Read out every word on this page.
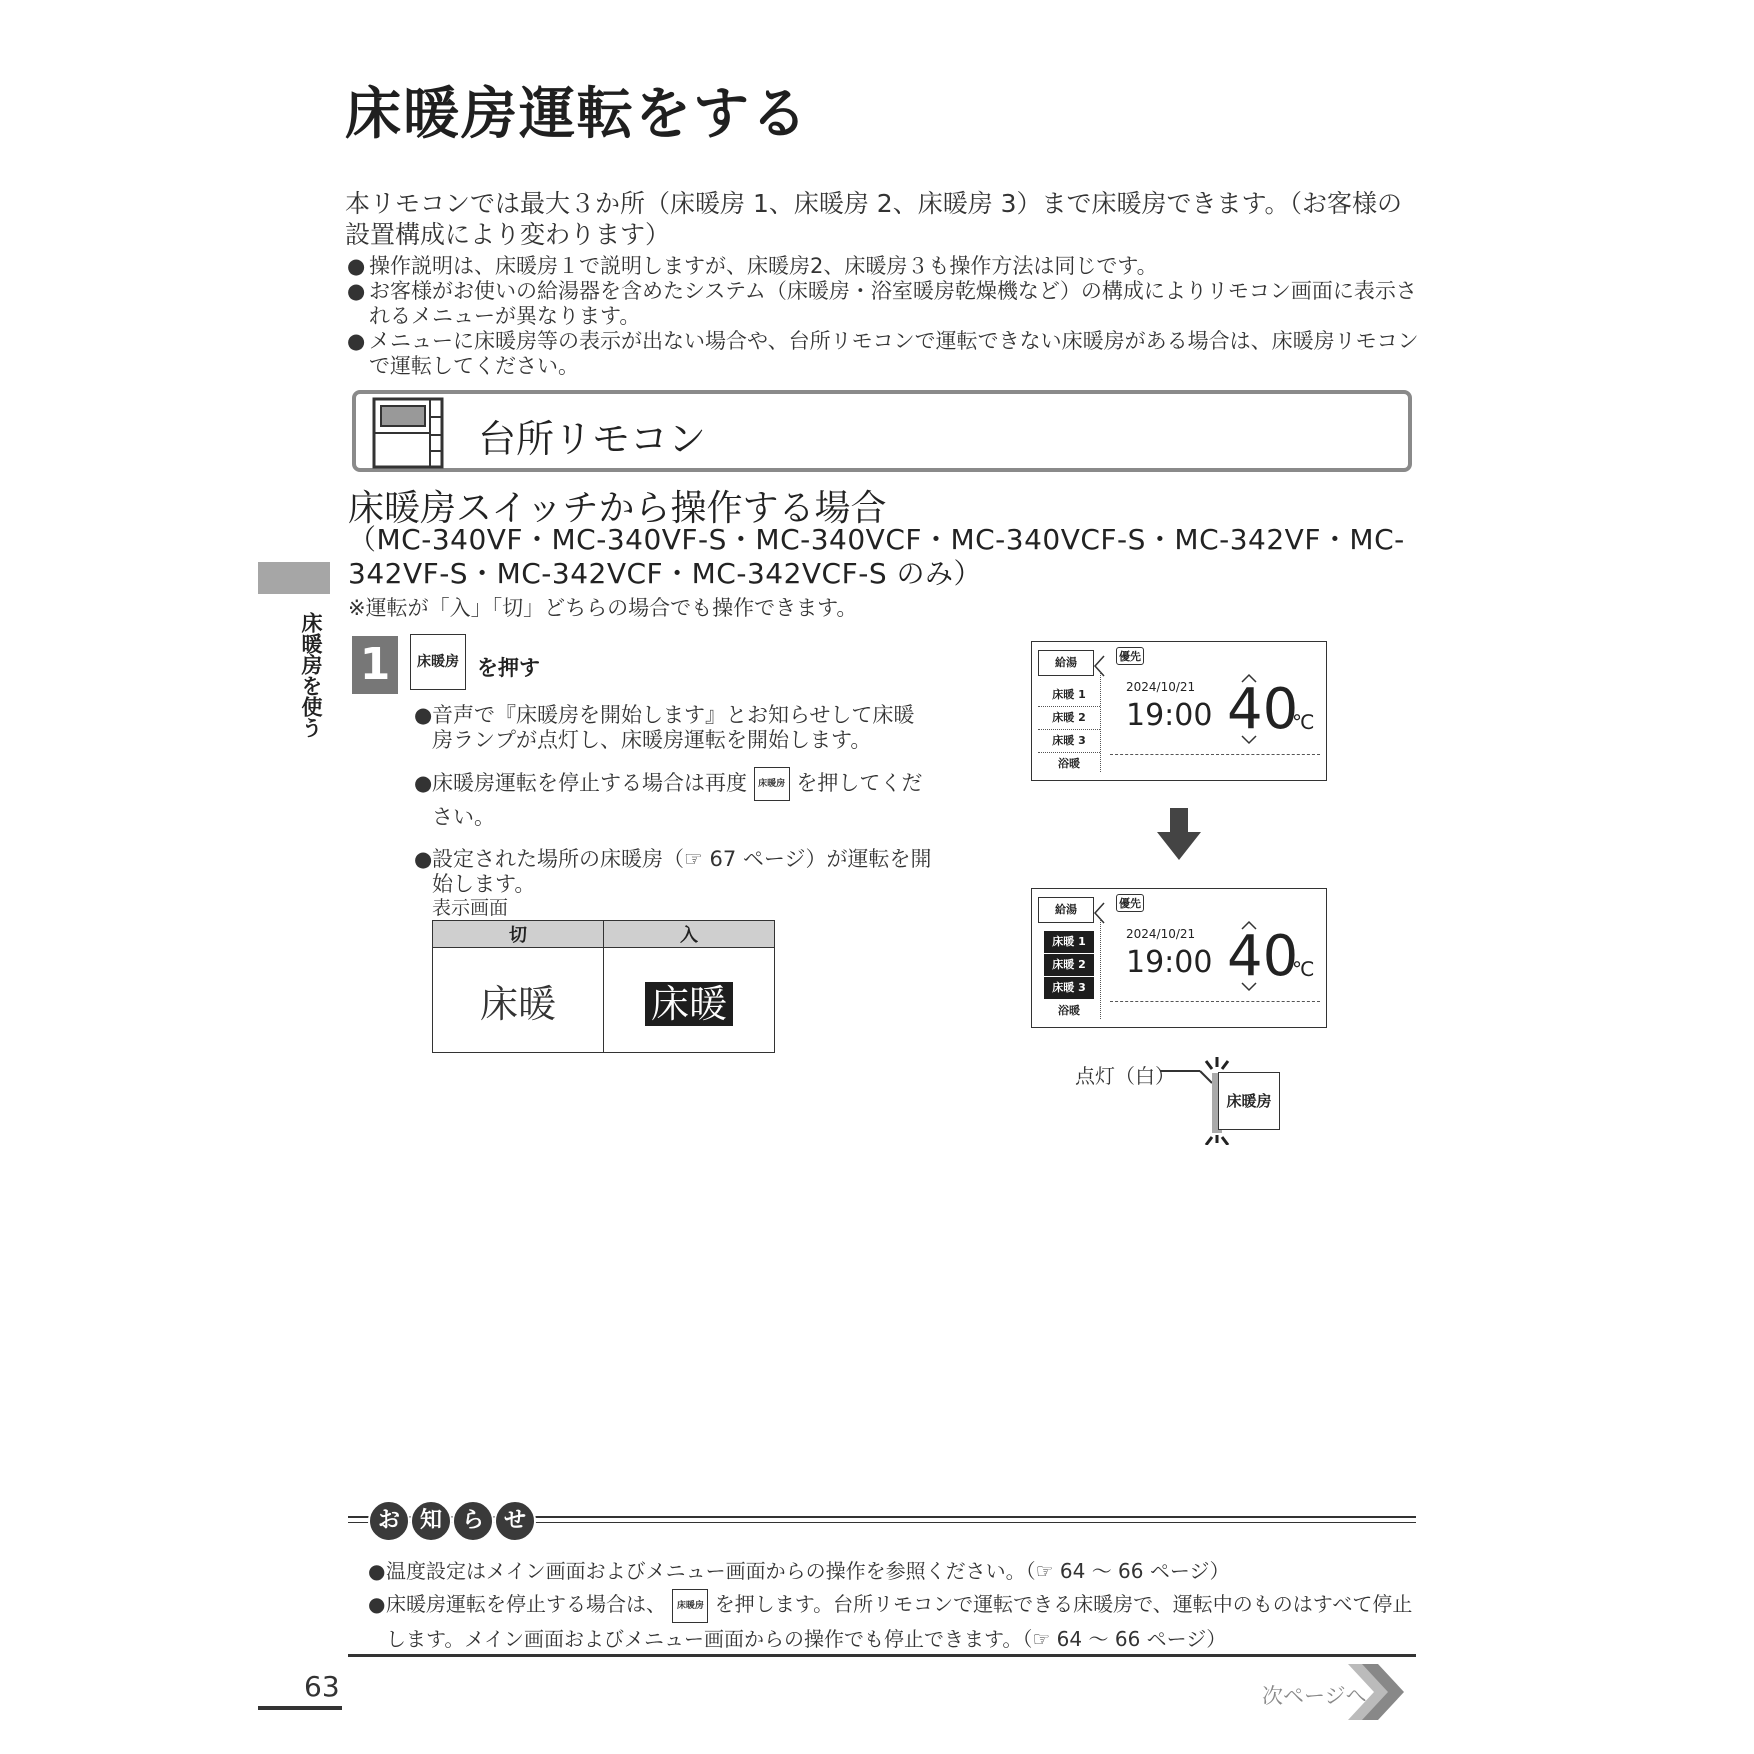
床暖房運転をする
本リモコンでは最大３か所（床暖房 1、床暖房 2、床暖房 3）まで床暖房できます。（お客様の設置構成により変わります）
● 操作説明は、床暖房１で説明しますが、床暖房2、床暖房３も操作方法は同じです。
● お客様がお使いの給湯器を含めたシステム（床暖房・浴室暖房乾燥機など）の構成によりリモコン画面に表示されるメニューが異なります。
● メニューに床暖房等の表示が出ない場合や、台所リモコンで運転できない床暖房がある場合は、床暖房リモコンで運転してください。
台所リモコン
床暖房スイッチから操作する場合
（MC-340VF・MC-340VF-S・MC-340VCF・MC-340VCF-S・MC-342VF・MC-342VF-S・MC-342VCF・MC-342VCF-S のみ）
※運転が「入」「切」どちらの場合でも操作できます。
床暖房を使う 1	床暖房 を押す
● 音声で『床暖房を開始します』とお知らせして床暖房ランプが点灯し、床暖房運転を開始します。
● 床暖房運転を停止する場合は再度 床暖房 を押してください。
● 設定された場所の床暖房（☞ 67 ページ）が運転を開始します。
表示画面
切	入
床暖	床暖
給湯
床暖 1
床暖 2
床暖 3
浴暖
優先
2024/10/21
19:00 40
℃
給湯
床暖 1
床暖 2
床暖 3
浴暖
優先
2024/10/21
19:00 40
℃
点灯（白）
床暖房
お 知 ら せ
● 温度設定はメイン画面およびメニュー画面からの操作を参照ください。（☞ 64 ～ 66 ページ）
● 床暖房運転を停止する場合は、 床暖房 を押します。台所リモコンで運転できる床暖房で、運転中のものはすべて停止します。メイン画面およびメニュー画面からの操作でも停止できます。（☞ 64 ～ 66 ページ）
63	次ページへ
